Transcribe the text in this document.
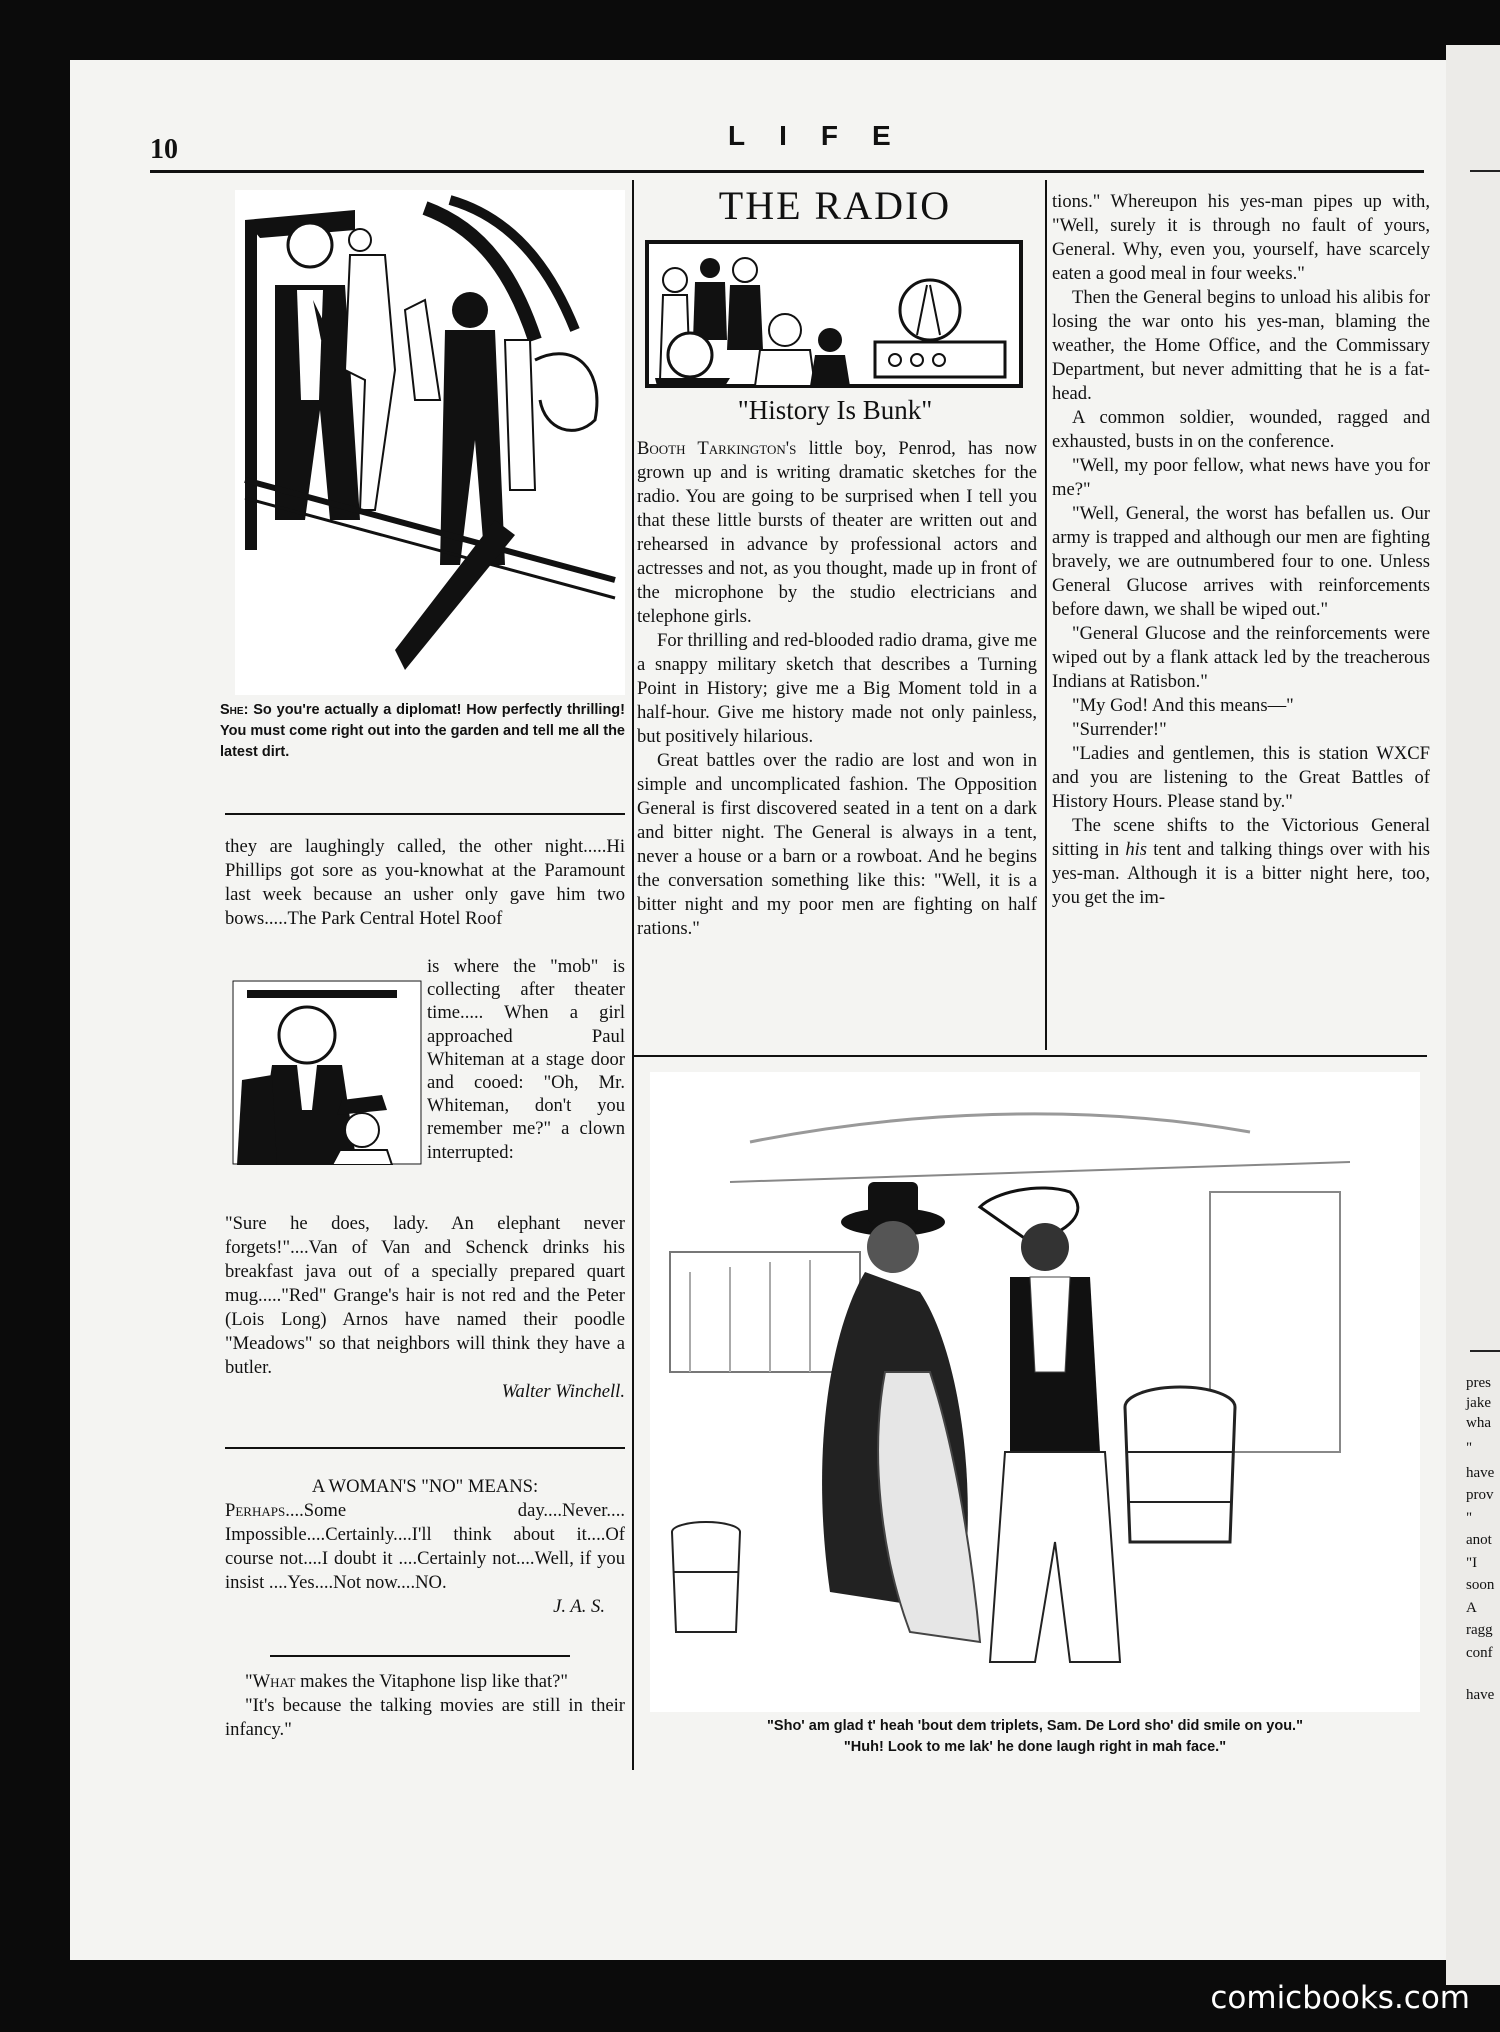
pres
jake
wha
"
have
prov
"
anot
"I
soon
A
ragg
conf
have
10	LIFE
She: So you're actually a diplomat! How perfectly thrilling! You must come right out into the garden and tell me all the latest dirt.

they are laughingly called, the other night.....Hi Phillips got sore as you-knowhat at the Paramount last week because an usher only gave him two bows.....The Park Central Hotel Roof

is where the "mob" is collecting after theater time..... When a girl approached Paul Whiteman at a stage door and cooed: "Oh, Mr. Whiteman, don't you remember me?" a clown interrupted:

"Sure he does, lady. An elephant never forgets!"....Van of Van and Schenck drinks his breakfast java out of a specially prepared quart mug....."Red" Grange's hair is not red and the Peter (Lois Long) Arnos have named their poodle "Meadows" so that neighbors will think they have a butler.

Walter Winchell.

A WOMAN'S "NO" MEANS:

Perhaps....Some day....Never.... Impossible....Certainly....I'll think about it....Of course not....I doubt it ....Certainly not....Well, if you insist ....Yes....Not now....NO.

J. A. S.

"What makes the Vitaphone lisp like that?"

"It's because the talking movies are still in their infancy."

THE RADIO
"History Is Bunk"

Booth Tarkington's little boy, Penrod, has now grown up and is writing dramatic sketches for the radio. You are going to be surprised when I tell you that these little bursts of theater are written out and rehearsed in advance by professional actors and actresses and not, as you thought, made up in front of the microphone by the studio electricians and telephone girls.

For thrilling and red-blooded radio drama, give me a snappy military sketch that describes a Turning Point in History; give me a Big Moment told in a half-hour. Give me history made not only painless, but positively hilarious.

Great battles over the radio are lost and won in simple and uncomplicated fashion. The Opposition General is first discovered seated in a tent on a dark and bitter night. The General is always in a tent, never a house or a barn or a rowboat. And he begins the conversation something like this: "Well, it is a bitter night and my poor men are fighting on half rations."

tions." Whereupon his yes-man pipes up with, "Well, surely it is through no fault of yours, General. Why, even you, yourself, have scarcely eaten a good meal in four weeks."

Then the General begins to unload his alibis for losing the war onto his yes-man, blaming the weather, the Home Office, and the Commissary Department, but never admitting that he is a fat-head.

A common soldier, wounded, ragged and exhausted, busts in on the conference.

"Well, my poor fellow, what news have you for me?"

"Well, General, the worst has befallen us. Our army is trapped and although our men are fighting bravely, we are outnumbered four to one. Unless General Glucose arrives with reinforcements before dawn, we shall be wiped out."

"General Glucose and the reinforcements were wiped out by a flank attack led by the treacherous Indians at Ratisbon."

"My God! And this means—"

"Surrender!"

"Ladies and gentlemen, this is station WXCF and you are listening to the Great Battles of History Hours. Please stand by."

The scene shifts to the Victorious General sitting in his tent and talking things over with his yes-man. Although it is a bitter night here, too, you get the im-

"Sho' am glad t' heah 'bout dem triplets, Sam. De Lord sho' did smile on you."
"Huh! Look to me lak' he done laugh right in mah face."
comicbooks.com
